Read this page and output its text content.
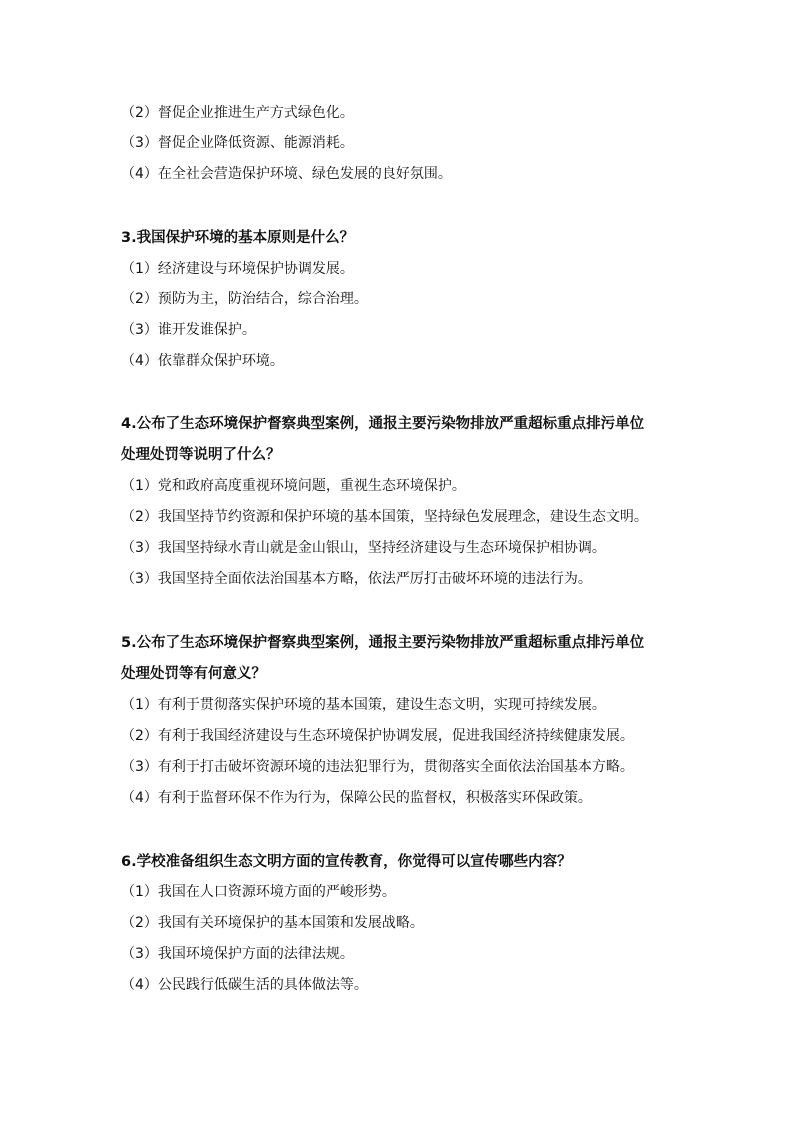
（2）督促企业推进生产方式绿色化。
（3）督促企业降低资源、能源消耗。
（4）在全社会营造保护环境、绿色发展的良好氛围。
3.我国保护环境的基本原则是什么？
（1）经济建设与环境保护协调发展。
（2）预防为主，防治结合，综合治理。
（3）谁开发谁保护。
（4）依靠群众保护环境。
4.公布了生态环境保护督察典型案例，通报主要污染物排放严重超标重点排污单位
处理处罚等说明了什么？
（1）党和政府高度重视环境问题，重视生态环境保护。
（2）我国坚持节约资源和保护环境的基本国策，坚持绿色发展理念，建设生态文明。
（3）我国坚持绿水青山就是金山银山，坚持经济建设与生态环境保护相协调。
（3）我国坚持全面依法治国基本方略，依法严厉打击破坏环境的违法行为。
5.公布了生态环境保护督察典型案例，通报主要污染物排放严重超标重点排污单位
处理处罚等有何意义？
（1）有利于贯彻落实保护环境的基本国策，建设生态文明，实现可持续发展。
（2）有利于我国经济建设与生态环境保护协调发展，促进我国经济持续健康发展。
（3）有利于打击破坏资源环境的违法犯罪行为，贯彻落实全面依法治国基本方略。
（4）有利于监督环保不作为行为，保障公民的监督权，积极落实环保政策。
6.学校准备组织生态文明方面的宣传教育，你觉得可以宣传哪些内容？
（1）我国在人口资源环境方面的严峻形势。
（2）我国有关环境保护的基本国策和发展战略。
（3）我国环境保护方面的法律法规。
（4）公民践行低碳生活的具体做法等。
